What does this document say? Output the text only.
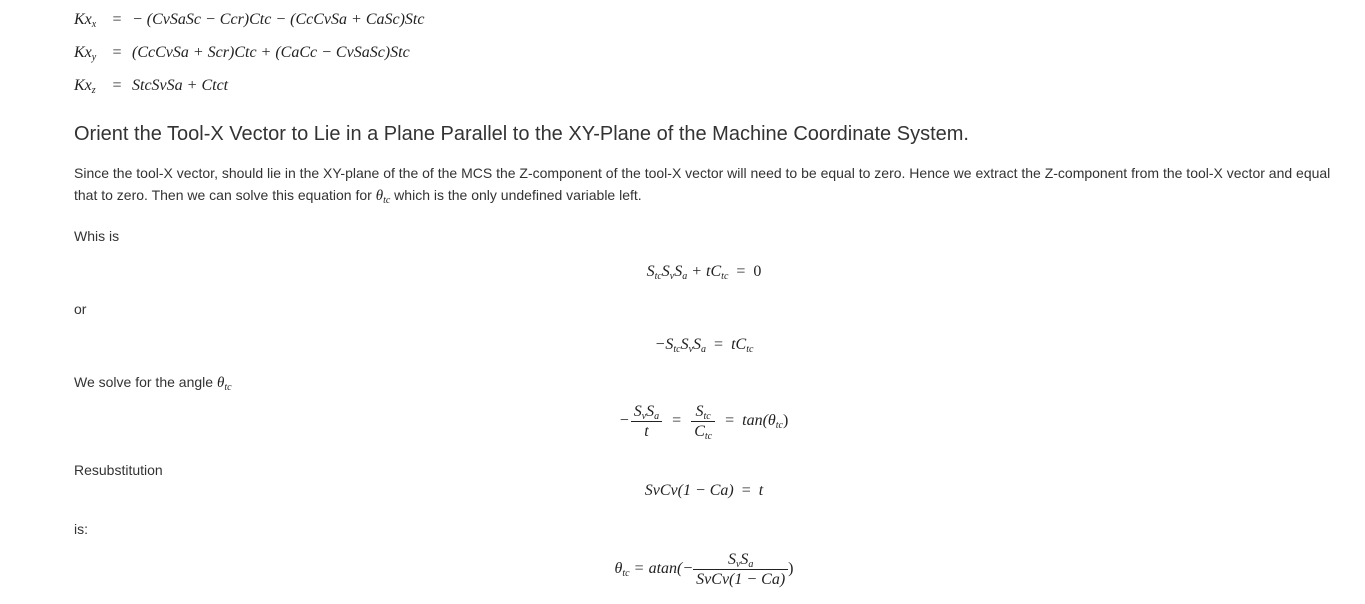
$Kx_x$ = − (CvSaSc − Ccr)Ctc − (CcCvSa + CaSc)Stc
$Kx_y$ = (CcCvSa + Scr)Ctc + (CaCc − CvSaSc)Stc
$Kx_z$ = StcSvSa + Ctct
Orient the Tool-X Vector to Lie in a Plane Parallel to the XY-Plane of the Machine Coordinate System.

Since the tool-X vector, should lie in the XY-plane of the of the MCS the Z-component of the tool-X vector will need to be equal to zero. Hence we extract the Z-component from the tool-X vector and equal that to zero. Then we can solve this equation for $\theta_{tc}$ which is the only undefined variable left.

Whis is

$S_{tc}S_vS_a + tC_{tc} = 0$

or

$-S_{tc}S_vS_a = tC_{tc}$

We solve for the angle $\theta_{tc}$

− $\frac{S_vS_a}{t} = \frac{S_{tc}}{C_{tc}} = \tan(\theta_{tc})$

Resubstitution

SvCv(1 − Ca) = t

is:

$\theta_{tc} = atan(- \frac{S_vS_a}{\text{SvCv(1 − Ca)}}$ )
